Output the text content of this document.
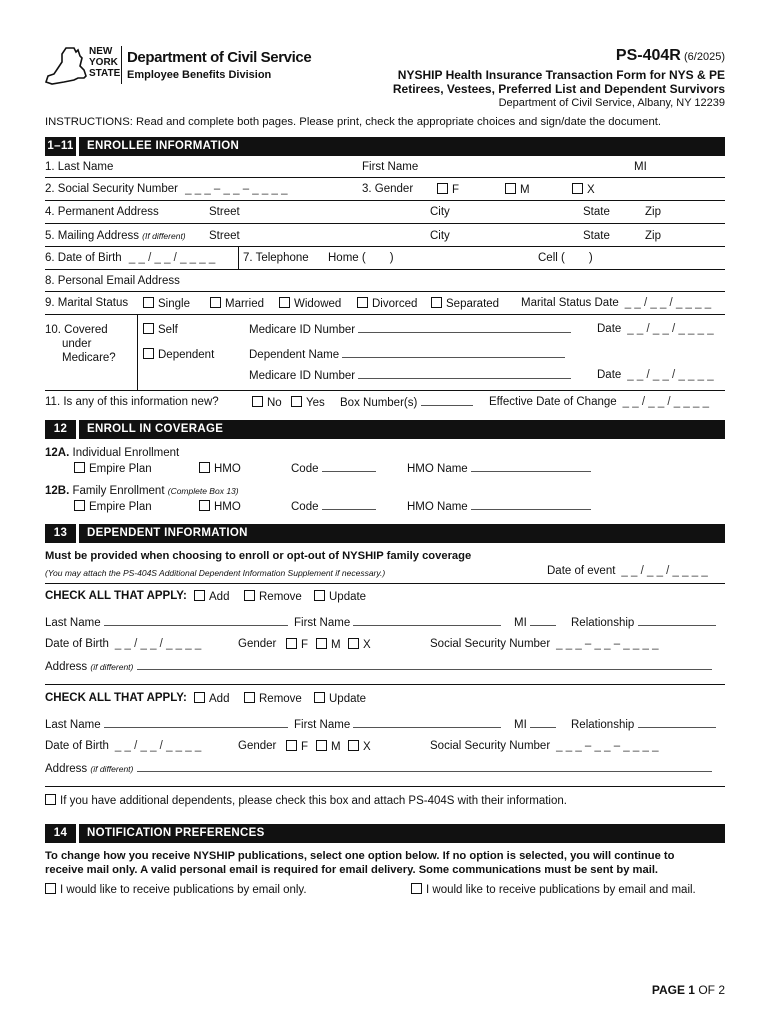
NEW
YORK
STATE
Department of Civil Service
Employee Benefits Division
PS-404R (6/2025)
NYSHIP Health Insurance Transaction Form for NYS & PE
Retirees, Vestees, Preferred List and Dependent Survivors
Department of Civil Service, Albany, NY 12239
INSTRUCTIONS: Read and complete both pages. Please print, check the appropriate choices and sign/date the document.
1–11	ENROLLEE INFORMATION
1. Last Name	First Name	MI
2. Social Security Number _ _ _ – _ _ – _ _ _ _	3. Gender	F	M	X
4. Permanent Address	Street	City	State	Zip
5. Mailing Address (If different) Street	City	State	Zip
6. Date of Birth _ _ / _ _ / _ _ _ _ 7. Telephone Home ( )	Cell ( )
8. Personal Email Address
9. Marital Status	Single	Married	Widowed	Divorced	Separated Marital Status Date _ _ / _ _ / _ _ _ _
10. Covered
under
Medicare?
Self	Medicare ID Number	Date _ _ / _ _ / _ _ _ _
Dependent	Dependent Name
Medicare ID Number	Date _ _ / _ _ / _ _ _ _
11. Is any of this information new?	No	Yes Box Number(s)	Effective Date of Change _ _ / _ _ / _ _ _ _
12	ENROLL IN COVERAGE
12A. Individual Enrollment
Empire Plan	HMO	Code	HMO Name
12B. Family Enrollment (Complete Box 13)
Empire Plan	HMO	Code	HMO Name
13	DEPENDENT INFORMATION
Must be provided when choosing to enroll or opt-out of NYSHIP family coverage
(You may attach the PS-404S Additional Dependent Information Supplement if necessary.)	Date of event _ _ / _ _ / _ _ _ _
CHECK ALL THAT APPLY:	Add	Remove	Update
Last Name	First Name	MI	Relationship
Date of Birth _ _ / _ _ / _ _ _ _	Gender	F	M	X	Social Security Number _ _ _ – _ _ – _ _ _ _
Address (if different)
CHECK ALL THAT APPLY:	Add	Remove	Update
Last Name	First Name	MI	Relationship
Date of Birth _ _ / _ _ / _ _ _ _	Gender	F	M	X	Social Security Number _ _ _ – _ _ – _ _ _ _
Address (if different)
If you have additional dependents, please check this box and attach PS-404S with their information.
14	NOTIFICATION PREFERENCES
To change how you receive NYSHIP publications, select one option below. If no option is selected, you will continue to
receive mail only. A valid personal email is required for email delivery. Some communications must be sent by mail.
I would like to receive publications by email only.	I would like to receive publications by email and mail.
PAGE 1 OF 2
